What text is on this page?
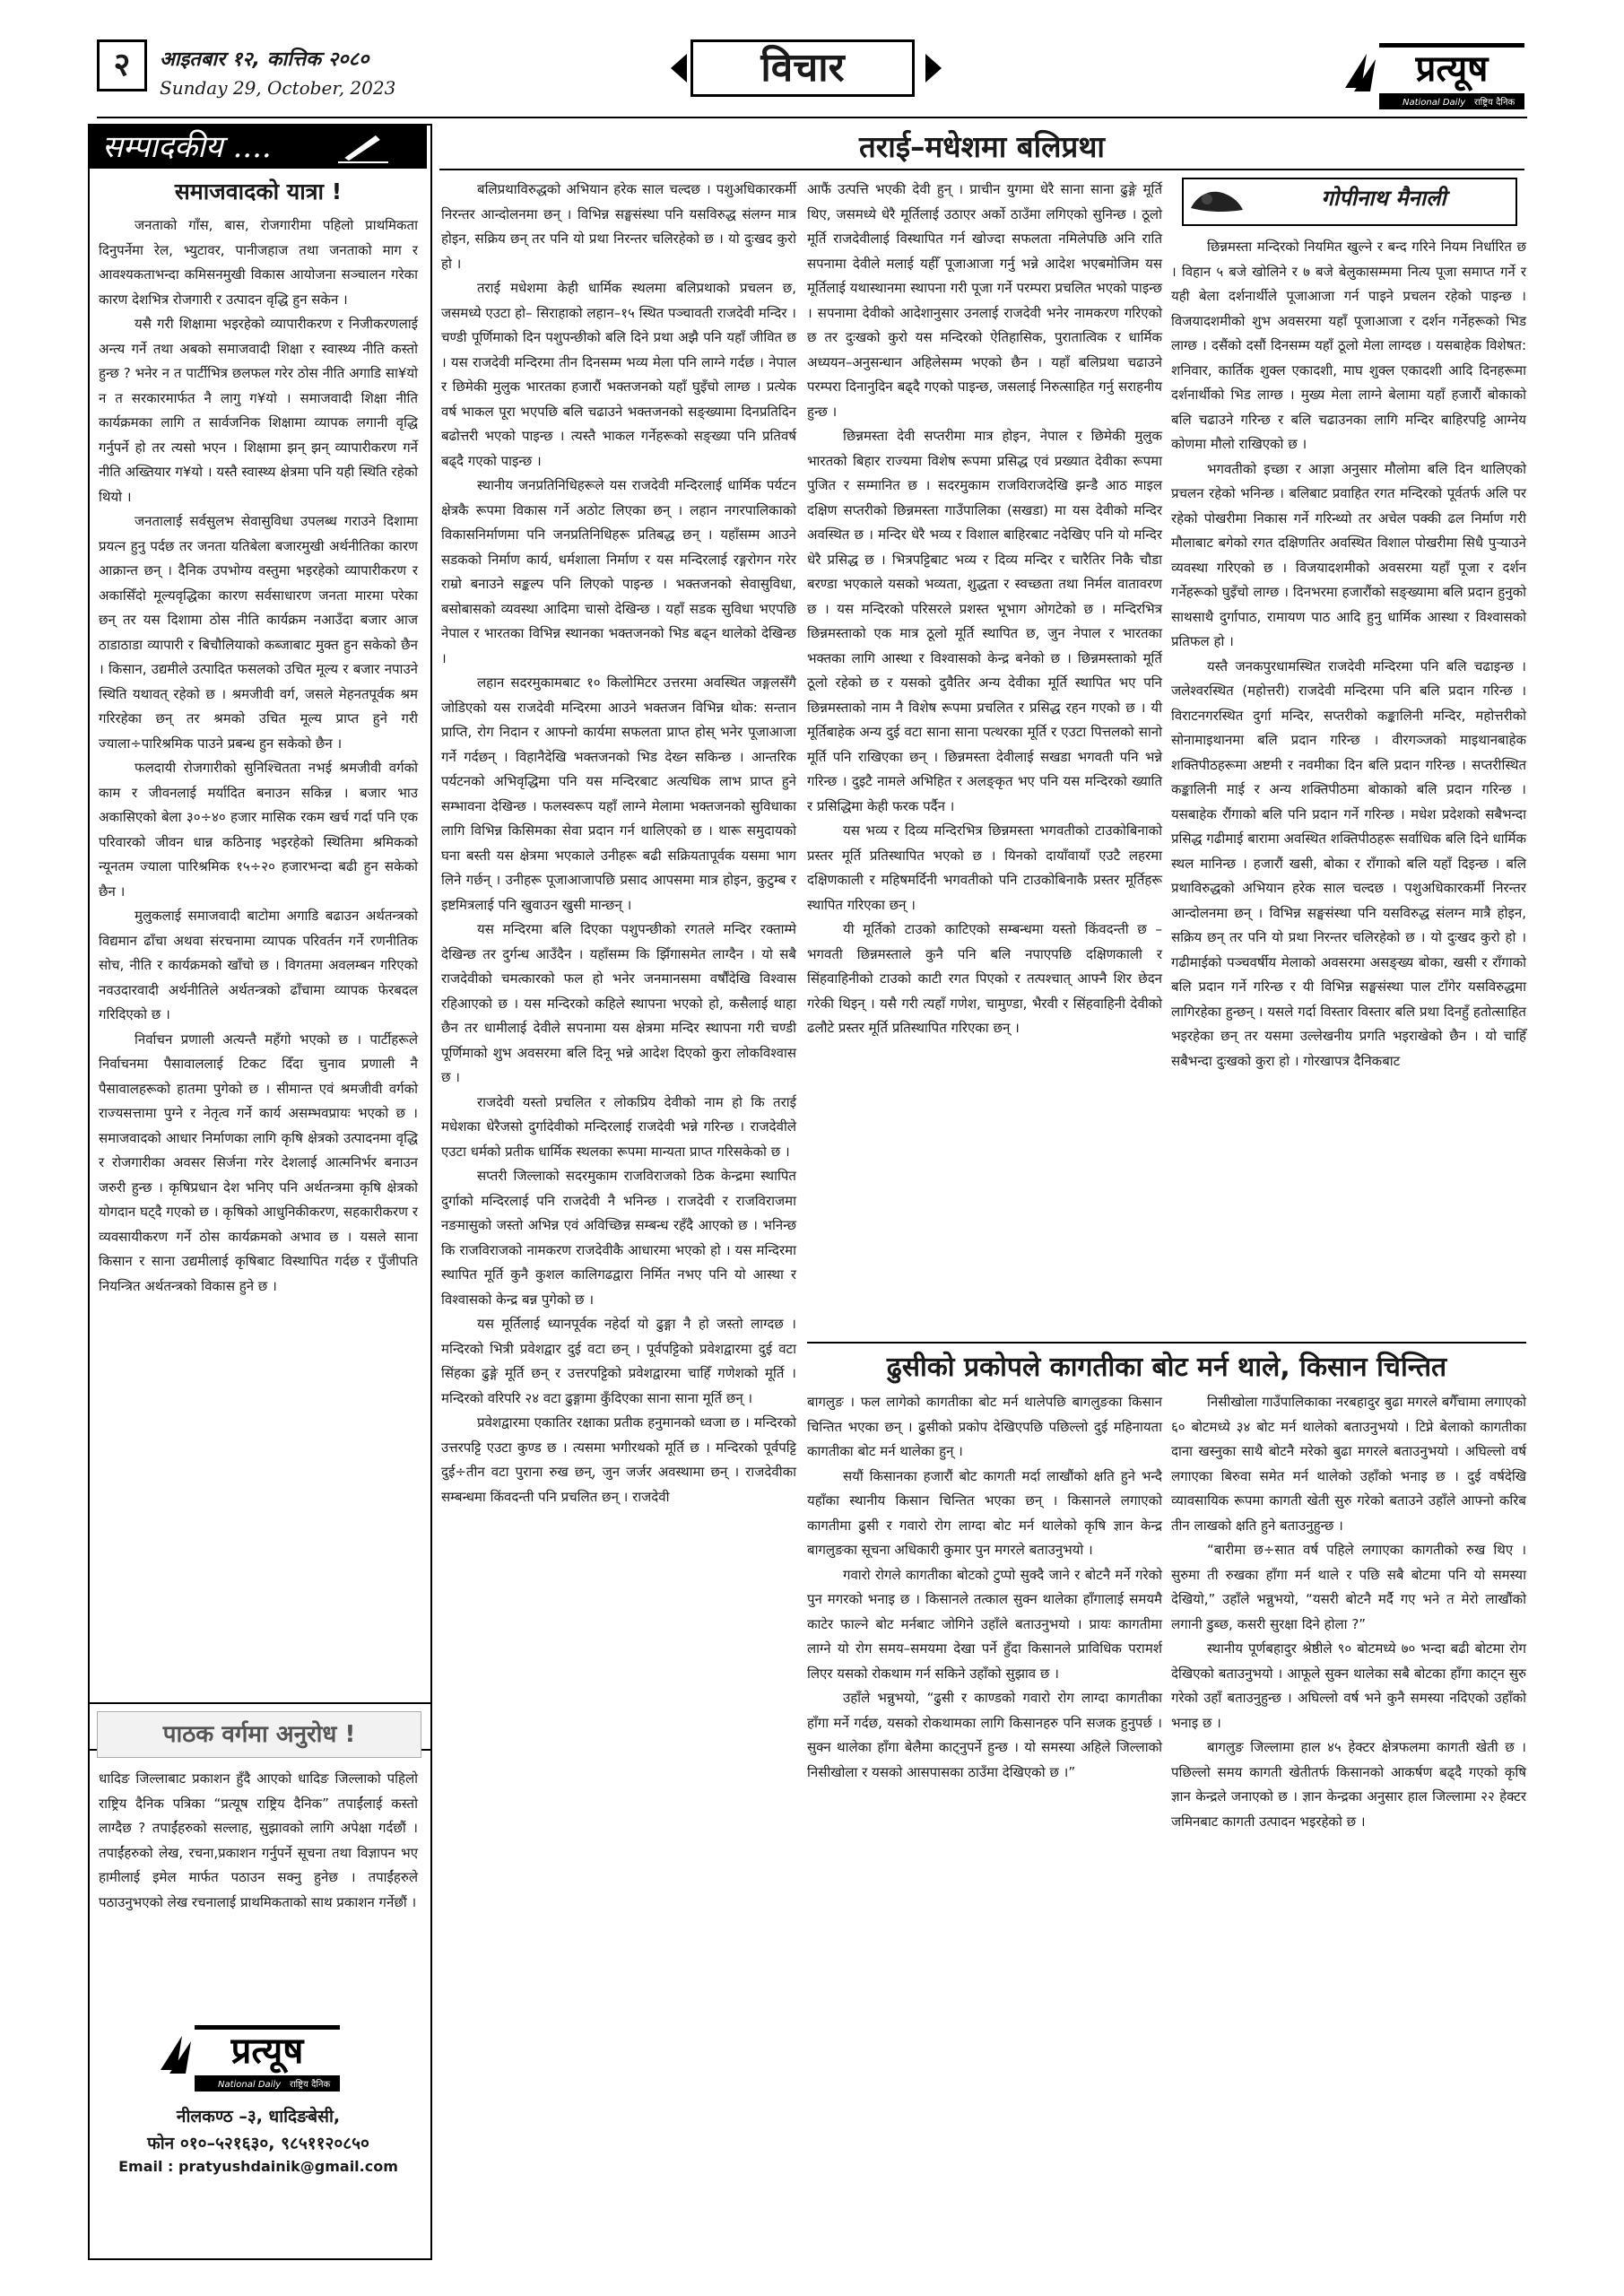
२	आइतबार १२, कात्तिक २०८०
Sunday 29, October, 2023	विचार	प्रत्यूष
National Daily राष्ट्रिय दैनिक
सम्पादकीय ....
समाजवादको यात्रा !

जनताको गाँस, बास, रोजगारीमा पहिलो प्राथमिकता दिनुपर्नेमा रेल, भ्युटावर, पानीजहाज तथा जनताको माग र आवश्यकताभन्दा कमिसनमुखी विकास आयोजना सञ्चालन गरेका कारण देशभित्र रोजगारी र उत्पादन वृद्धि हुन सकेन ।

यसै गरी शिक्षामा भइरहेको व्यापारीकरण र निजीकरणलाई अन्त्य गर्ने तथा अबको समाजवादी शिक्षा र स्वास्थ्य नीति कस्तो हुन्छ ? भनेर न त पार्टीभित्र छलफल गरेर ठोस नीति अगाडि सा¥यो न त सरकारमार्फत नै लागु ग¥यो । समाजवादी शिक्षा नीति कार्यक्रमका लागि त सार्वजनिक शिक्षामा व्यापक लगानी वृद्धि गर्नुपर्ने हो तर त्यसो भएन । शिक्षामा झन् झन् व्यापारीकरण गर्ने नीति अख्तियार ग¥यो । यस्तै स्वास्थ्य क्षेत्रमा पनि यही स्थिति रहेको थियो ।

जनतालाई सर्वसुलभ सेवासुविधा उपलब्ध गराउने दिशामा प्रयत्न हुनु पर्दछ तर जनता यतिबेला बजारमुखी अर्थनीतिका कारण आक्रान्त छन् । दैनिक उपभोग्य वस्तुमा भइरहेको व्यापारीकरण र अकासिँदो मूल्यवृद्धिका कारण सर्वसाधारण जनता मारमा परेका छन् तर यस दिशामा ठोस नीति कार्यक्रम नआउँदा बजार आज ठाडाठाडा व्यापारी र बिचौलियाको कब्जाबाट मुक्त हुन सकेको छैन । किसान, उद्यमीले उत्पादित फसलको उचित मूल्य र बजार नपाउने स्थिति यथावत् रहेको छ । श्रमजीवी वर्ग, जसले मेहनतपूर्वक श्रम गरिरहेका छन् तर श्रमको उचित मूल्य प्राप्त हुने गरी ज्याला÷पारिश्रमिक पाउने प्रबन्ध हुन सकेको छैन ।

फलदायी रोजगारीको सुनिश्चितता नभई श्रमजीवी वर्गको काम र जीवनलाई मर्यादित बनाउन सकिन्न । बजार भाउ अकासिएको बेला ३०÷४० हजार मासिक रकम खर्च गर्दा पनि एक परिवारको जीवन धान्न कठिनाइ भइरहेको स्थितिमा श्रमिकको न्यूनतम ज्याला पारिश्रमिक १५÷२० हजारभन्दा बढी हुन सकेको छैन ।

मुलुकलाई समाजवादी बाटोमा अगाडि बढाउन अर्थतन्त्रको विद्यमान ढाँचा अथवा संरचनामा व्यापक परिवर्तन गर्ने रणनीतिक सोच, नीति र कार्यक्रमको खाँचो छ । विगतमा अवलम्बन गरिएको नवउदारवादी अर्थनीतिले अर्थतन्त्रको ढाँचामा व्यापक फेरबदल गरिदिएको छ ।

निर्वाचन प्रणाली अत्यन्तै महँगो भएको छ । पार्टीहरूले निर्वाचनमा पैसावाललाई टिकट दिँदा चुनाव प्रणाली नै पैसावालहरूको हातमा पुगेको छ । सीमान्त एवं श्रमजीवी वर्गको राज्यसत्तामा पुग्ने र नेतृत्व गर्ने कार्य असम्भवप्रायः भएको छ । समाजवादको आधार निर्माणका लागि कृषि क्षेत्रको उत्पादनमा वृद्धि र रोजगारीका अवसर सिर्जना गरेर देशलाई आत्मनिर्भर बनाउन जरुरी हुन्छ । कृषिप्रधान देश भनिए पनि अर्थतन्त्रमा कृषि क्षेत्रको योगदान घट्दै गएको छ । कृषिको आधुनिकीकरण, सहकारीकरण र व्यवसायीकरण गर्ने ठोस कार्यक्रमको अभाव छ । यसले साना किसान र साना उद्यमीलाई कृषिबाट विस्थापित गर्दछ र पुँजीपति नियन्त्रित अर्थतन्त्रको विकास हुने छ ।

पाठक वर्गमा अनुरोध !

धादिङ जिल्लाबाट प्रकाशन हुँदै आएको धादिङ जिल्लाको पहिलो राष्ट्रिय दैनिक पत्रिका “प्रत्यूष राष्ट्रिय दैनिक” तपाईंलाई कस्तो लाग्दैछ ? तपाईंहरुको सल्लाह, सुझावको लागि अपेक्षा गर्दछौं । तपाईंहरुको लेख, रचना,प्रकाशन गर्नुपर्ने सूचना तथा विज्ञापन भए हामीलाई इमेल मार्फत पठाउन सक्नु हुनेछ । तपाईंहरुले पठाउनुभएको लेख रचनालाई प्राथमिकताको साथ प्रकाशन गर्नेछौं ।

प्रत्यूष
National Daily राष्ट्रिय दैनिक
नीलकण्ठ –३, धादिङबेसी,
फोन ०१०–५२१६३०, ९८५११२०८५०
Email : pratyushdainik@gmail.com
तराई–मधेशमा बलिप्रथा

बलिप्रथाविरुद्धको अभियान हरेक साल चल्दछ । पशुअधिकारकर्मी निरन्तर आन्दोलनमा छन् । विभिन्न सङ्घसंस्था पनि यसविरुद्ध संलग्न मात्र होइन, सक्रिय छन् तर पनि यो प्रथा निरन्तर चलिरहेको छ । यो दुःखद कुरो हो ।

तराई मधेशमा केही धार्मिक स्थलमा बलिप्रथाको प्रचलन छ, जसमध्ये एउटा हो– सिराहाको लहान–१५ स्थित पञ्चावती राजदेवी मन्दिर । चण्डी पूर्णिमाको दिन पशुपन्छीको बलि दिने प्रथा अझै पनि यहाँ जीवित छ । यस राजदेवी मन्दिरमा तीन दिनसम्म भव्य मेला पनि लाग्ने गर्दछ । नेपाल र छिमेकी मुलुक भारतका हजारौं भक्तजनको यहाँ घुइँचो लाग्छ । प्रत्येक वर्ष भाकल पूरा भएपछि बलि चढाउने भक्तजनको सङ्ख्यामा दिनप्रतिदिन बढोत्तरी भएको पाइन्छ । त्यस्तै भाकल गर्नेहरूको सङ्ख्या पनि प्रतिवर्ष बढ्दै गएको पाइन्छ ।

स्थानीय जनप्रतिनिधिहरूले यस राजदेवी मन्दिरलाई धार्मिक पर्यटन क्षेत्रकै रूपमा विकास गर्ने अठोट लिएका छन् । लहान नगरपालिकाको विकासनिर्माणमा पनि जनप्रतिनिधिहरू प्रतिबद्ध छन् । यहाँसम्म आउने सडकको निर्माण कार्य, धर्मशाला निर्माण र यस मन्दिरलाई रङ्गरोगन गरेर राम्रो बनाउने सङ्कल्प पनि लिएको पाइन्छ । भक्तजनको सेवासुविधा, बसोबासको व्यवस्था आदिमा चासो देखिन्छ । यहाँ सडक सुविधा भएपछि नेपाल र भारतका विभिन्न स्थानका भक्तजनको भिड बढ्न थालेको देखिन्छ ।

लहान सदरमुकामबाट १० किलोमिटर उत्तरमा अवस्थित जङ्गलसँगै जोडिएको यस राजदेवी मन्दिरमा आउने भक्तजन विभिन्न थोक: सन्तान प्राप्ति, रोग निदान र आफ्नो कार्यमा सफलता प्राप्त होस् भनेर पूजाआजा गर्ने गर्दछन् । विहानैदेखि भक्तजनको भिड देख्न सकिन्छ । आन्तरिक पर्यटनको अभिवृद्धिमा पनि यस मन्दिरबाट अत्यधिक लाभ प्राप्त हुने सम्भावना देखिन्छ । फलस्वरूप यहाँ लाग्ने मेलामा भक्तजनको सुविधाका लागि विभिन्न किसिमका सेवा प्रदान गर्न थालिएको छ । थारू समुदायको घना बस्ती यस क्षेत्रमा भएकाले उनीहरू बढी सक्रियतापूर्वक यसमा भाग लिने गर्छन् । उनीहरू पूजाआजापछि प्रसाद आपसमा मात्र होइन, कुटुम्ब र इष्टमित्रलाई पनि खुवाउन खुसी मान्छन् ।

यस मन्दिरमा बलि दिएका पशुपन्छीको रगतले मन्दिर रक्ताम्मे देखिन्छ तर दुर्गन्ध आउँदैन । यहाँसम्म कि झिँगासमेत लाग्दैन । यो सबै राजदेवीको चमत्कारको फल हो भनेर जनमानसमा वर्षौंदेखि विश्वास रहिआएको छ । यस मन्दिरको कहिले स्थापना भएको हो, कसैलाई थाहा छैन तर धामीलाई देवीले सपनामा यस क्षेत्रमा मन्दिर स्थापना गरी चण्डी पूर्णिमाको शुभ अवसरमा बलि दिनू भन्ने आदेश दिएको कुरा लोकविश्वास छ ।

राजदेवी यस्तो प्रचलित र लोकप्रिय देवीको नाम हो कि तराई मधेशका धेरैजसो दुर्गादेवीको मन्दिरलाई राजदेवी भन्ने गरिन्छ । राजदेवीले एउटा धर्मको प्रतीक धार्मिक स्थलका रूपमा मान्यता प्राप्त गरिसकेको छ ।

सप्तरी जिल्लाको सदरमुकाम राजविराजको ठिक केन्द्रमा स्थापित दुर्गाको मन्दिरलाई पनि राजदेवी नै भनिन्छ । राजदेवी र राजविराजमा नङमासुको जस्तो अभिन्न एवं अविच्छिन्न सम्बन्ध रहँदै आएको छ । भनिन्छ कि राजविराजको नामकरण राजदेवीकै आधारमा भएको हो । यस मन्दिरमा स्थापित मूर्ति कुनै कुशल कालिगढद्वारा निर्मित नभए पनि यो आस्था र विश्वासको केन्द्र बन्न पुगेको छ ।

यस मूर्तिलाई ध्यानपूर्वक नहेर्दा यो ढुङ्गा नै हो जस्तो लाग्दछ । मन्दिरको भित्री प्रवेशद्वार दुई वटा छन् । पूर्वपट्टिको प्रवेशद्वारमा दुई वटा सिंहका ढुङ्गे मूर्ति छन् र उत्तरपट्टिको प्रवेशद्वारमा चाहिँ गणेशको मूर्ति । मन्दिरको वरिपरि २४ वटा ढुङ्गामा कुँदिएका साना साना मूर्ति छन् ।

प्रवेशद्वारमा एकातिर रक्षाका प्रतीक हनुमानको ध्वजा छ । मन्दिरको उत्तरपट्टि एउटा कुण्ड छ । त्यसमा भगीरथको मूर्ति छ । मन्दिरको पूर्वपट्टि दुई÷तीन वटा पुराना रुख छन्, जुन जर्जर अवस्थामा छन् । राजदेवीका सम्बन्धमा किंवदन्ती पनि प्रचलित छन् । राजदेवी

आफैं उत्पत्ति भएकी देवी हुन् । प्राचीन युगमा धेरै साना साना ढुङ्गे मूर्ति थिए, जसमध्ये धेरै मूर्तिलाई उठाएर अर्को ठाउँमा लगिएको सुनिन्छ । ठूलो मूर्ति राजदेवीलाई विस्थापित गर्न खोज्दा सफलता नमिलेपछि अनि राति सपनामा देवीले मलाई यहीँ पूजाआजा गर्नु भन्ने आदेश भएबमोजिम यस मूर्तिलाई यथास्थानमा स्थापना गरी पूजा गर्ने परम्परा प्रचलित भएको पाइन्छ । सपनामा देवीको आदेशानुसार उनलाई राजदेवी भनेर नामकरण गरिएको छ तर दुःखको कुरो यस मन्दिरको ऐतिहासिक, पुरातात्विक र धार्मिक अध्ययन–अनुसन्धान अहिलेसम्म भएको छैन । यहाँ बलिप्रथा चढाउने परम्परा दिनानुदिन बढ्दै गएको पाइन्छ, जसलाई निरुत्साहित गर्नु सराहनीय हुन्छ ।

छिन्नमस्ता देवी सप्तरीमा मात्र होइन, नेपाल र छिमेकी मुलुक भारतको बिहार राज्यमा विशेष रूपमा प्रसिद्ध एवं प्रख्यात देवीका रूपमा पुजित र सम्मानित छ । सदरमुकाम राजविराजदेखि झन्डै आठ माइल दक्षिण सप्तरीको छिन्नमस्ता गाउँपालिका (सखडा) मा यस देवीको मन्दिर अवस्थित छ । मन्दिर धेरै भव्य र विशाल बाहिरबाट नदेखिए पनि यो मन्दिर धेरै प्रसिद्ध छ । भित्रपट्टिबाट भव्य र दिव्य मन्दिर र चारैतिर निकै चौडा बरण्डा भएकाले यसको भव्यता, शुद्धता र स्वच्छता तथा निर्मल वातावरण छ । यस मन्दिरको परिसरले प्रशस्त भूभाग ओगटेको छ । मन्दिरभित्र छिन्नमस्ताको एक मात्र ठूलो मूर्ति स्थापित छ, जुन नेपाल र भारतका भक्तका लागि आस्था र विश्वासको केन्द्र बनेको छ । छिन्नमस्ताको मूर्ति ठूलो रहेको छ र यसको दुवैतिर अन्य देवीका मूर्ति स्थापित भए पनि छिन्नमस्ताको नाम नै विशेष रूपमा प्रचलित र प्रसिद्ध रहन गएको छ । यी मूर्तिबाहेक अन्य दुई वटा साना साना पत्थरका मूर्ति र एउटा पित्तलको सानो मूर्ति पनि राखिएका छन् । छिन्नमस्ता देवीलाई सखडा भगवती पनि भन्ने गरिन्छ । दुइटै नामले अभिहित र अलङ्कृत भए पनि यस मन्दिरको ख्याति र प्रसिद्धिमा केही फरक पर्दैन ।

यस भव्य र दिव्य मन्दिरभित्र छिन्नमस्ता भगवतीको टाउकोबिनाको प्रस्तर मूर्ति प्रतिस्थापित भएको छ । यिनको दायाँवायाँ एउटै लहरमा दक्षिणकाली र महिषमर्दिनी भगवतीको पनि टाउकोबिनाकै प्रस्तर मूर्तिहरू स्थापित गरिएका छन् ।

यी मूर्तिको टाउको काटिएको सम्बन्धमा यस्तो किंवदन्ती छ – भगवती छिन्नमस्ताले कुनै पनि बलि नपाएपछि दक्षिणकाली र सिंहवाहिनीको टाउको काटी रगत पिएको र तत्पश्चात् आफ्नै शिर छेदन गरेकी थिइन् । यसै गरी त्यहाँ गणेश, चामुण्डा, भैरवी र सिंहवाहिनी देवीको ढलौटे प्रस्तर मूर्ति प्रतिस्थापित गरिएका छन् ।

गोपीनाथ मैनाली

छिन्नमस्ता मन्दिरको नियमित खुल्ने र बन्द गरिने नियम निर्धारित छ । विहान ५ बजे खोलिने र ७ बजे बेलुकासम्ममा नित्य पूजा समाप्त गर्ने र यही बेला दर्शनार्थीले पूजाआजा गर्न पाइने प्रचलन रहेको पाइन्छ । विजयादशमीको शुभ अवसरमा यहाँ पूजाआजा र दर्शन गर्नेहरूको भिड लाग्छ । दसैंको दसौं दिनसम्म यहाँ ठूलो मेला लाग्दछ । यसबाहेक विशेषत: शनिवार, कार्तिक शुक्ल एकादशी, माघ शुक्ल एकादशी आदि दिनहरूमा दर्शनार्थीको भिड लाग्छ । मुख्य मेला लाग्ने बेलामा यहाँ हजारौं बोकाको बलि चढाउने गरिन्छ र बलि चढाउनका लागि मन्दिर बाहिरपट्टि आग्नेय कोणमा मौलो राखिएको छ ।

भगवतीको इच्छा र आज्ञा अनुसार मौलोमा बलि दिन थालिएको प्रचलन रहेको भनिन्छ । बलिबाट प्रवाहित रगत मन्दिरको पूर्वतर्फ अलि पर रहेको पोखरीमा निकास गर्ने गरिन्थ्यो तर अचेल पक्की ढल निर्माण गरी मौलाबाट बगेको रगत दक्षिणतिर अवस्थित विशाल पोखरीमा सिधै पुऱ्याउने व्यवस्था गरिएको छ । विजयादशमीको अवसरमा यहाँ पूजा र दर्शन गर्नेहरूको घुइँचो लाग्छ । दिनभरमा हजारौंको सङ्ख्यामा बलि प्रदान हुनुको साथसाथै दुर्गापाठ, रामायण पाठ आदि हुनु धार्मिक आस्था र विश्वासको प्रतिफल हो ।

यस्तै जनकपुरधामस्थित राजदेवी मन्दिरमा पनि बलि चढाइन्छ । जलेश्वरस्थित (महोत्तरी) राजदेवी मन्दिरमा पनि बलि प्रदान गरिन्छ । विराटनगरस्थित दुर्गा मन्दिर, सप्तरीको कङ्कालिनी मन्दिर, महोत्तरीको सोनामाइथानमा बलि प्रदान गरिन्छ । वीरगञ्जको माइथानबाहेक शक्तिपीठहरूमा अष्टमी र नवमीका दिन बलि प्रदान गरिन्छ । सप्तरीस्थित कङ्कालिनी माई र अन्य शक्तिपीठमा बोकाको बलि प्रदान गरिन्छ । यसबाहेक रौंगाको बलि पनि प्रदान गर्ने गरिन्छ । मधेश प्रदेशको सबैभन्दा प्रसिद्ध गढीमाई बारामा अवस्थित शक्तिपीठहरू सर्वाधिक बलि दिने धार्मिक स्थल मानिन्छ । हजारौं खसी, बोका र राँगाको बलि यहाँ दिइन्छ । बलि प्रथाविरुद्धको अभियान हरेक साल चल्दछ । पशुअधिकारकर्मी निरन्तर आन्दोलनमा छन् । विभिन्न सङ्घसंस्था पनि यसविरुद्ध संलग्न मात्रै होइन, सक्रिय छन् तर पनि यो प्रथा निरन्तर चलिरहेको छ । यो दुःखद कुरो हो । गढीमाईको पञ्चवर्षीय मेलाको अवसरमा असङ्ख्य बोका, खसी र राँगाको बलि प्रदान गर्ने गरिन्छ र यी विभिन्न सङ्घसंस्था पाल टाँगेर यसविरुद्धमा लागिरहेका हुन्छन् । यसले गर्दा विस्तार विस्तार बलि प्रथा दिनहुँ हतोत्साहित भइरहेका छन् तर यसमा उल्लेखनीय प्रगति भइराखेको छैन । यो चाहिँ सबैभन्दा दुःखको कुरा हो । गोरखापत्र दैनिकबाट

ढुसीको प्रकोपले कागतीका बोट मर्न थाले, किसान चिन्तित

बागलुङ । फल लागेको कागतीका बोट मर्न थालेपछि बागलुङका किसान चिन्तित भएका छन् । ढुसीको प्रकोप देखिएपछि पछिल्लो दुई महिनायता कागतीका बोट मर्न थालेका हुन् ।

सयौं किसानका हजारौं बोट कागती मर्दा लाखौंको क्षति हुने भन्दै यहाँका स्थानीय किसान चिन्तित भएका छन् । किसानले लगाएको कागतीमा ढुसी र गवारो रोग लाग्दा बोट मर्न थालेको कृषि ज्ञान केन्द्र बागलुङका सूचना अधिकारी कुमार पुन मगरले बताउनुभयो ।

गवारो रोगले कागतीका बोटको टुप्पो सुक्दै जाने र बोटनै मर्ने गरेको पुन मगरको भनाइ छ । किसानले तत्काल सुक्न थालेका हाँगालाई समयमै काटेर फाल्ने बोट मर्नबाट जोगिने उहाँले बताउनुभयो । प्रायः कागतीमा लाग्ने यो रोग समय–समयमा देखा पर्ने हुँदा किसानले प्राविधिक परामर्श लिएर यसको रोकथाम गर्न सकिने उहाँको सुझाव छ ।

उहाँले भन्नुभयो, “ढुसी र काण्डको गवारो रोग लाग्दा कागतीका हाँगा मर्ने गर्दछ, यसको रोकथामका लागि किसानहरु पनि सजक हुनुपर्छ । सुक्न थालेका हाँगा बेलैमा काट्नुपर्ने हुन्छ । यो समस्या अहिले जिल्लाको निसीखोला र यसको आसपासका ठाउँमा देखिएको छ ।”

निसीखोला गाउँपालिकाका नरबहादुर बुढा मगरले बगैँचामा लगाएको ६० बोटमध्ये ३४ बोट मर्न थालेको बताउनुभयो । टिप्ने बेलाको कागतीका दाना खस्नुका साथै बोटनै मरेको बुढा मगरले बताउनुभयो । अघिल्लो वर्ष लगाएका बिरुवा समेत मर्न थालेको उहाँको भनाइ छ । दुई वर्षदेखि व्यावसायिक रूपमा कागती खेती सुरु गरेको बताउने उहाँले आफ्नो करिब तीन लाखको क्षति हुने बताउनुहुन्छ ।

“बारीमा छ÷सात वर्ष पहिले लगाएका कागतीको रुख थिए । सुरुमा ती रुखका हाँगा मर्न थाले र पछि सबै बोटमा पनि यो समस्या देखियो,” उहाँले भन्नुभयो, “यसरी बोटनै मर्दै गए भने त मेरो लाखौंको लगानी डुब्छ, कसरी सुरक्षा दिने होला ?”

स्थानीय पूर्णबहादुर श्रेष्ठीले ९० बोटमध्ये ७० भन्दा बढी बोटमा रोग देखिएको बताउनुभयो । आफूले सुक्न थालेका सबै बोटका हाँगा काट्न सुरु गरेको उहाँ बताउनुहुन्छ । अघिल्लो वर्ष भने कुनै समस्या नदिएको उहाँको भनाइ छ ।

बागलुङ जिल्लामा हाल ४५ हेक्टर क्षेत्रफलमा कागती खेती छ । पछिल्लो समय कागती खेतीतर्फ किसानको आकर्षण बढ्दै गएको कृषि ज्ञान केन्द्रले जनाएको छ । ज्ञान केन्द्रका अनुसार हाल जिल्लामा २२ हेक्टर जमिनबाट कागती उत्पादन भइरहेको छ ।
